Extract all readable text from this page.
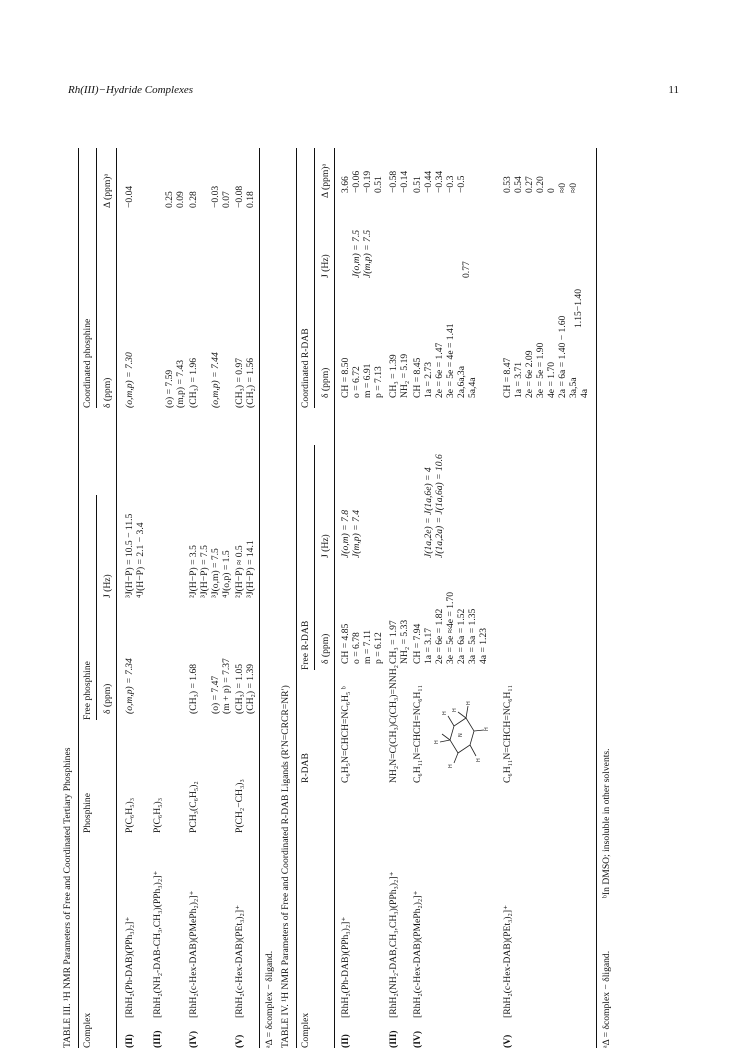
Rh(III)−Hydride Complexes	11
TABLE III. ¹H NMR Parameters of Free and Coordinated Tertiary Phosphines Complex
Phosphine
Free phosphine
Coordinated phosphine
δ (ppm)
J (Hz)
δ (ppm)
Δ (ppm)ᵃ
(II)
[RhH₂(Ph-DAB)(PPh₃)₂]⁺
P(C₆H₅)₃
(o,m,p) = 7.34
³J(H−P) = 10.5 − 11.5 ⁴J(H−P) = 2.1 − 3.4
(o,m,p) = 7.30
−0.04
(III)
[RhH₂(NH₂-DAB-CH₃,CH₃)(PPh₃)₂]⁺
P(C₆H₅)₃
(o) = 7.59 (m,p) = 7.43
0.25 0.09
(IV)
[RhH₂(c-Hex-DAB)(PMePh₂)₂]⁺
PCH₃(C₆H₅)₂
(CH₃) = 1.68
²J(H−P) = 3.5
(CH₃) = 1.96
0.28
(o) = 7.47 (m + p) = 7.37
³J(H−P) = 7.5 ³J(o,m) = 7.5 ⁴J(o,p) = 1.5
(o,m,p) = 7.44
−0.03 0.07
(V)
[RhH₂(c-Hex-DAB)(PEt₃)₂]⁺
P(CH₂−CH₃)₃
(CH₃) = 1.05 (CH₂) = 1.39
²J(H−P) ≈ 0.5 ³J(H−P) = 14.1
(CH₃) = 0.97 (CH₂) = 1.56
−0.08 0.18
ᵃΔ = δcomplex − δligand. TABLE IV. ¹H NMR Parameters of Free and Coordinated R-DAB Ligands (R′N=CRCR=NR′) Complex
R-DAB
Free R-DAB
Coordinated R-DAB
δ (ppm)
J (Hz)
δ (ppm)
J (Hz)
Δ (ppm)ᵃ
(II)
[RhH₂(Ph-DAB)(PPh₃)₂]⁺
C₆H₅N=CHCH=NC₆H₅ ᵇ
CH = 4.85 o = 6.78 m = 7.11 p = 6.12
J(o,m) = 7.8 J(m,p) = 7.4
CH = 8.50 o = 6.72 m = 6.91 p = 7.13
J(o,m) = 7.5 J(m,p) = 7.5
3.66 −0.06 −0.19 0.51
(III)
[RhH₂(NH₂-DAB,CH₃,CH₃)(PPh₃)₂]⁺
NH₂N=C(CH₃)C(CH₃)=NNH₂
CH₃ = 1.97 NH₂ = 5.33
CH₃ = 1.39 NH₂ = 5.19
−0.58 −0.14
(IV)
[RhH₂(c-Hex-DAB)(PMePh₂)₂]⁺
C₆H₁₁N=CHCH=NC₆H₁₁	H
H
H
H
H
H
N
H
CH = 7.94 1a = 3.17 2e = 6e = 1.82 3e = 5e ≈4e = 1.70 2a = 6a = 1.52 3a = 5a = 1.35 4a = 1.23
J(1a,2e) = J(1a,6e) = 4 J(1a,2a) = J(1a,6a) = 10.6
CH = 8.45 1a = 2.73 2e = 6e = 1.47 3e = 5e = 4e = 1.41 2a,6a,3a 5a,4a
0.77
0.51 −0.44 −0.34 −0.3 −0.5
(V)
[RhH₂(c-Hex-DAB)(PEt₃)₂]⁺
C₆H₁₁N=CHCH=NC₆H₁₁
CH = 8.47 1a = 3.71 2e = 6e 2.09 3e = 5e = 1.90 4e = 1.70 2a = 6a = 1.40 − 1.60 3a,5a 4a
1.15−1.40
0.53 0.54 0.27 0.20 0 ≈0 ≈0
ᵃΔ = δcomplex − δligand.
ᵇIn DMSO; insoluble in other solvents.
